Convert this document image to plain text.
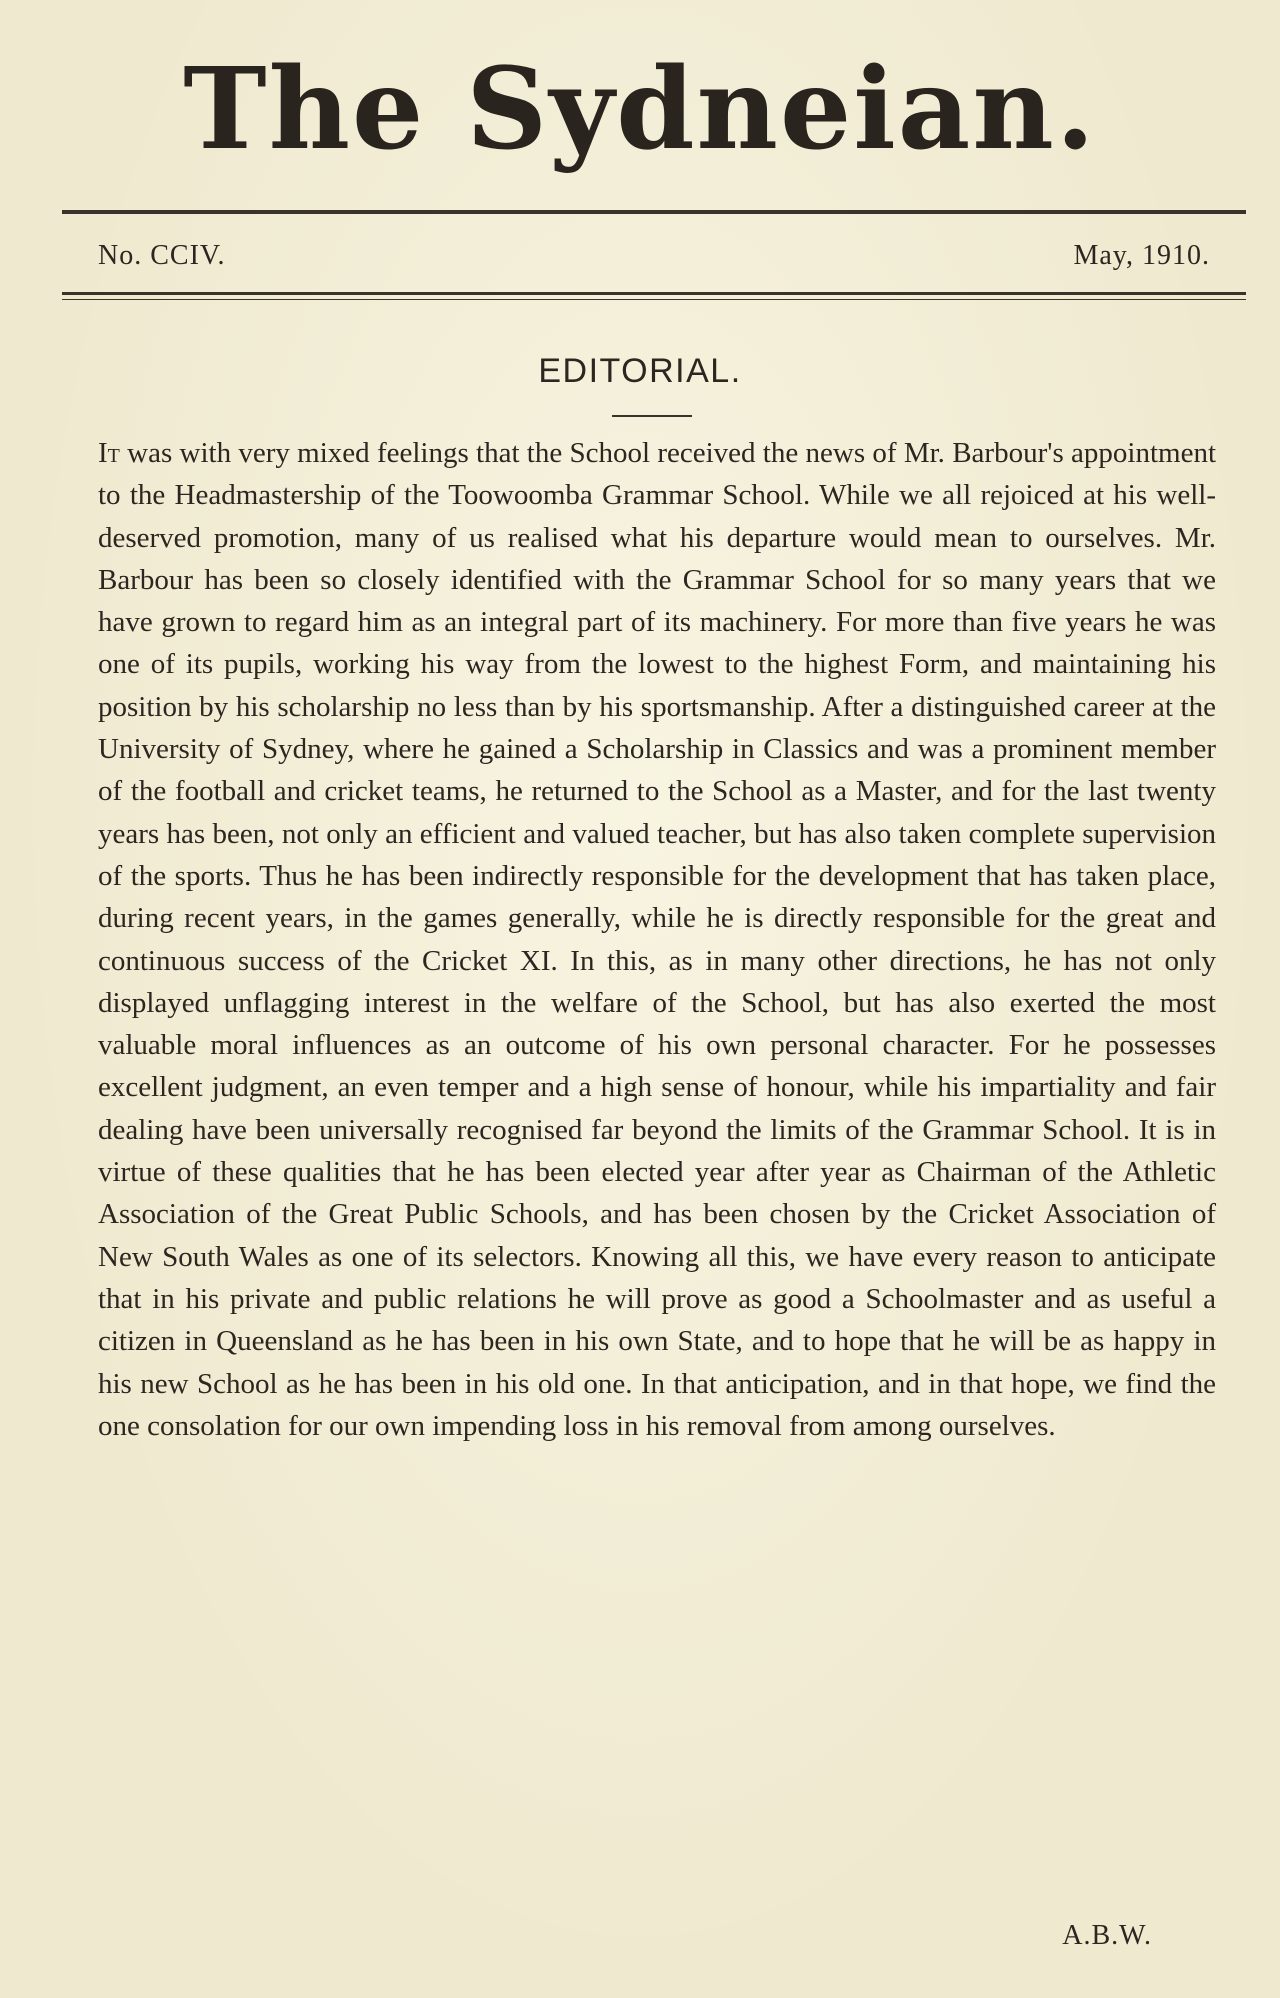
The Sydneian.
No. CCIV.	May, 1910.
EDITORIAL.

It was with very mixed feelings that the School received the news of Mr. Barbour's appointment to the Headmastership of the Toowoomba Grammar School. While we all rejoiced at his well-deserved promotion, many of us realised what his departure would mean to ourselves. Mr. Barbour has been so closely identified with the Grammar School for so many years that we have grown to regard him as an integral part of its machinery. For more than five years he was one of its pupils, working his way from the lowest to the highest Form, and maintaining his position by his scholarship no less than by his sportsmanship. After a distinguished career at the University of Sydney, where he gained a Scholarship in Classics and was a prominent member of the football and cricket teams, he returned to the School as a Master, and for the last twenty years has been, not only an efficient and valued teacher, but has also taken complete supervision of the sports. Thus he has been indirectly responsible for the development that has taken place, during recent years, in the games generally, while he is directly responsible for the great and continuous success of the Cricket XI. In this, as in many other directions, he has not only displayed unflagging interest in the welfare of the School, but has also exerted the most valuable moral influences as an outcome of his own personal character. For he possesses excellent judgment, an even temper and a high sense of honour, while his impartiality and fair dealing have been universally recognised far beyond the limits of the Grammar School. It is in virtue of these qualities that he has been elected year after year as Chairman of the Athletic Association of the Great Public Schools, and has been chosen by the Cricket Association of New South Wales as one of its selectors. Knowing all this, we have every reason to anticipate that in his private and public relations he will prove as good a Schoolmaster and as useful a citizen in Queensland as he has been in his own State, and to hope that he will be as happy in his new School as he has been in his old one. In that anticipation, and in that hope, we find the one consolation for our own impending loss in his removal from among ourselves.

A.B.W.
